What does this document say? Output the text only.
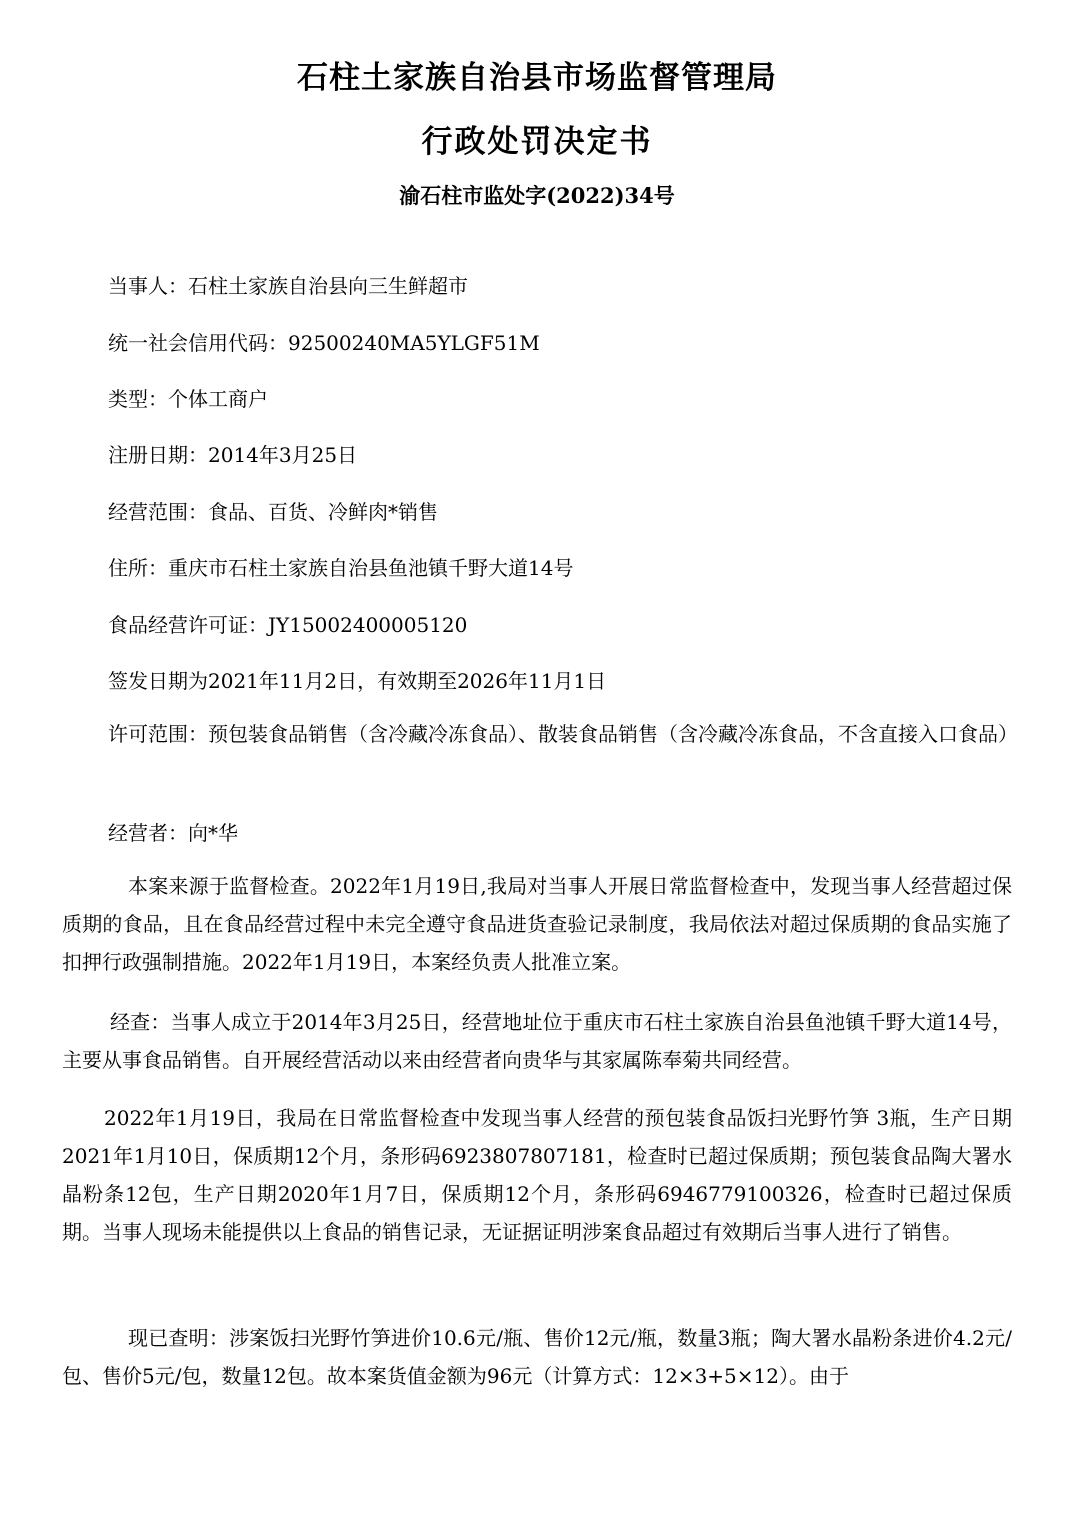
石柱土家族自治县市场监督管理局
行政处罚决定书
渝石柱市监处字(2022)34号
当事人：石柱土家族自治县向三生鲜超市
统一社会信用代码：92500240MA5YLGF51M
类型：个体工商户
注册日期：2014年3月25日
经营范围：食品、百货、冷鲜肉*销售
住所：重庆市石柱土家族自治县鱼池镇千野大道14号
食品经营许可证：JY15002400005120
签发日期为2021年11月2日，有效期至2026年11月1日
许可范围：预包装食品销售（含冷藏冷冻食品）、散装食品销售（含冷藏冷冻食品，不含直接入口食品）
经营者：向*华
本案来源于监督检查。2022年1月19日,我局对当事人开展日常监督检查中，发现当事人经营超过保质期的食品，且在食品经营过程中未完全遵守食品进货查验记录制度，我局依法对超过保质期的食品实施了扣押行政强制措施。2022年1月19日，本案经负责人批准立案。
经查：当事人成立于2014年3月25日，经营地址位于重庆市石柱土家族自治县鱼池镇千野大道14号，主要从事食品销售。自开展经营活动以来由经营者向贵华与其家属陈奉菊共同经营。
2022年1月19日，我局在日常监督检查中发现当事人经营的预包装食品饭扫光野竹笋 3瓶，生产日期2021年1月10日，保质期12个月，条形码6923807807181，检查时已超过保质期；预包装食品陶大署水晶粉条12包，生产日期2020年1月7日，保质期12个月，条形码6946779100326，检查时已超过保质期。当事人现场未能提供以上食品的销售记录，无证据证明涉案食品超过有效期后当事人进行了销售。
现已查明：涉案饭扫光野竹笋进价10.6元/瓶、售价12元/瓶，数量3瓶；陶大署水晶粉条进价4.2元/包、售价5元/包，数量12包。故本案货值金额为96元（计算方式：12×3+5×12）。由于
